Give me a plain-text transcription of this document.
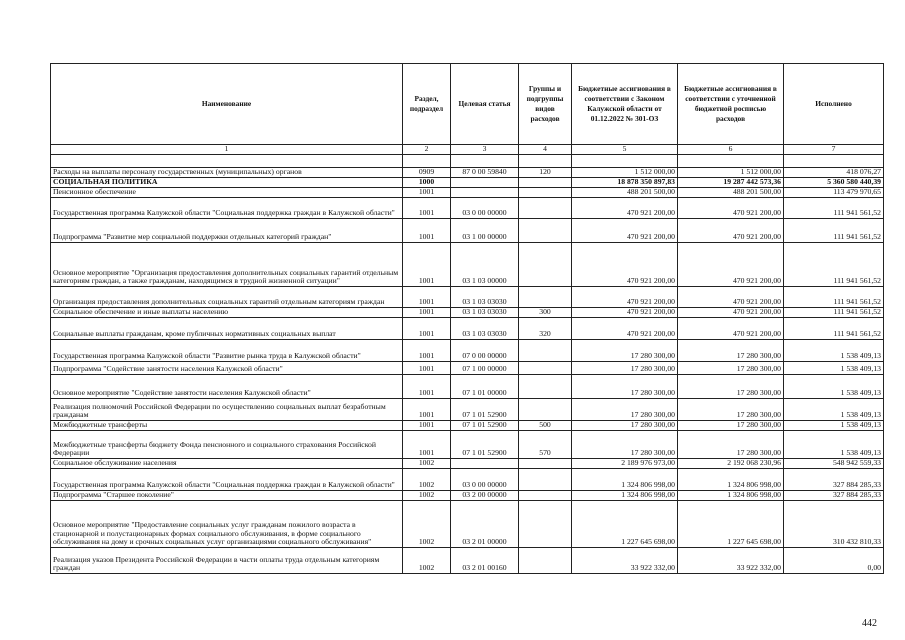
Наименование	Раздел, подраздел	Целевая статья	Группы и подгруппы видов расходов	Бюджетные ассигнования в соответствии с Законом Калужской области от 01.12.2022 № 301-ОЗ	Бюджетные ассигнования в соответствии с уточненной бюджетной росписью расходов	Исполнено
1	2	3	4	5	6	7

Расходы на выплаты персоналу государственных (муниципальных) органов	0909	87 0 00 59840	120	1 512 000,00	1 512 000,00	418 076,27
СОЦИАЛЬНАЯ ПОЛИТИКА	1000			18 878 350 897,83	19 287 442 573,36	5 360 580 440,39
Пенсионное обеспечение	1001			488 201 500,00	488 201 500,00	113 479 970,65
Государственная программа Калужской области "Социальная поддержка граждан в Калужской области"	1001	03 0 00 00000		470 921 200,00	470 921 200,00	111 941 561,52
Подпрограмма "Развитие мер социальной поддержки отдельных категорий граждан"	1001	03 1 00 00000		470 921 200,00	470 921 200,00	111 941 561,52
Основное мероприятие "Организация предоставления дополнительных социальных гарантий отдельным категориям граждан, а также гражданам, находящимся в трудной жизненной ситуации"	1001	03 1 03 00000		470 921 200,00	470 921 200,00	111 941 561,52
Организация предоставления дополнительных социальных гарантий отдельным категориям граждан	1001	03 1 03 03030		470 921 200,00	470 921 200,00	111 941 561,52
Социальное обеспечение и иные выплаты населению	1001	03 1 03 03030	300	470 921 200,00	470 921 200,00	111 941 561,52
Социальные выплаты гражданам, кроме публичных нормативных социальных выплат	1001	03 1 03 03030	320	470 921 200,00	470 921 200,00	111 941 561,52
Государственная программа Калужской области "Развитие рынка труда в Калужской области"	1001	07 0 00 00000		17 280 300,00	17 280 300,00	1 538 409,13
Подпрограмма "Содействие занятости населения Калужской области"	1001	07 1 00 00000		17 280 300,00	17 280 300,00	1 538 409,13
Основное мероприятие "Содействие занятости населения Калужской области"	1001	07 1 01 00000		17 280 300,00	17 280 300,00	1 538 409,13
Реализация полномочий Российской Федерации по осуществлению социальных выплат безработным гражданам	1001	07 1 01 52900		17 280 300,00	17 280 300,00	1 538 409,13
Межбюджетные трансферты	1001	07 1 01 52900	500	17 280 300,00	17 280 300,00	1 538 409,13
Межбюджетные трансферты бюджету Фонда пенсионного и социального страхования Российской Федерации	1001	07 1 01 52900	570	17 280 300,00	17 280 300,00	1 538 409,13
Социальное обслуживание населения	1002			2 189 976 973,00	2 192 068 230,96	548 942 559,33
Государственная программа Калужской области "Социальная поддержка граждан в Калужской области"	1002	03 0 00 00000		1 324 806 998,00	1 324 806 998,00	327 884 285,33
Подпрограмма "Старшее поколение"	1002	03 2 00 00000		1 324 806 998,00	1 324 806 998,00	327 884 285,33
Основное мероприятие "Предоставление социальных услуг гражданам пожилого возраста в стационарной и полустационарных формах социального обслуживания, в форме социального обслуживания на дому и срочных социальных услуг организациями социального обслуживания"	1002	03 2 01 00000		1 227 645 698,00	1 227 645 698,00	310 432 810,33
Реализация указов Президента Российской Федерации в части оплаты труда отдельным категориям граждан	1002	03 2 01 00160		33 922 332,00	33 922 332,00	0,00
442
